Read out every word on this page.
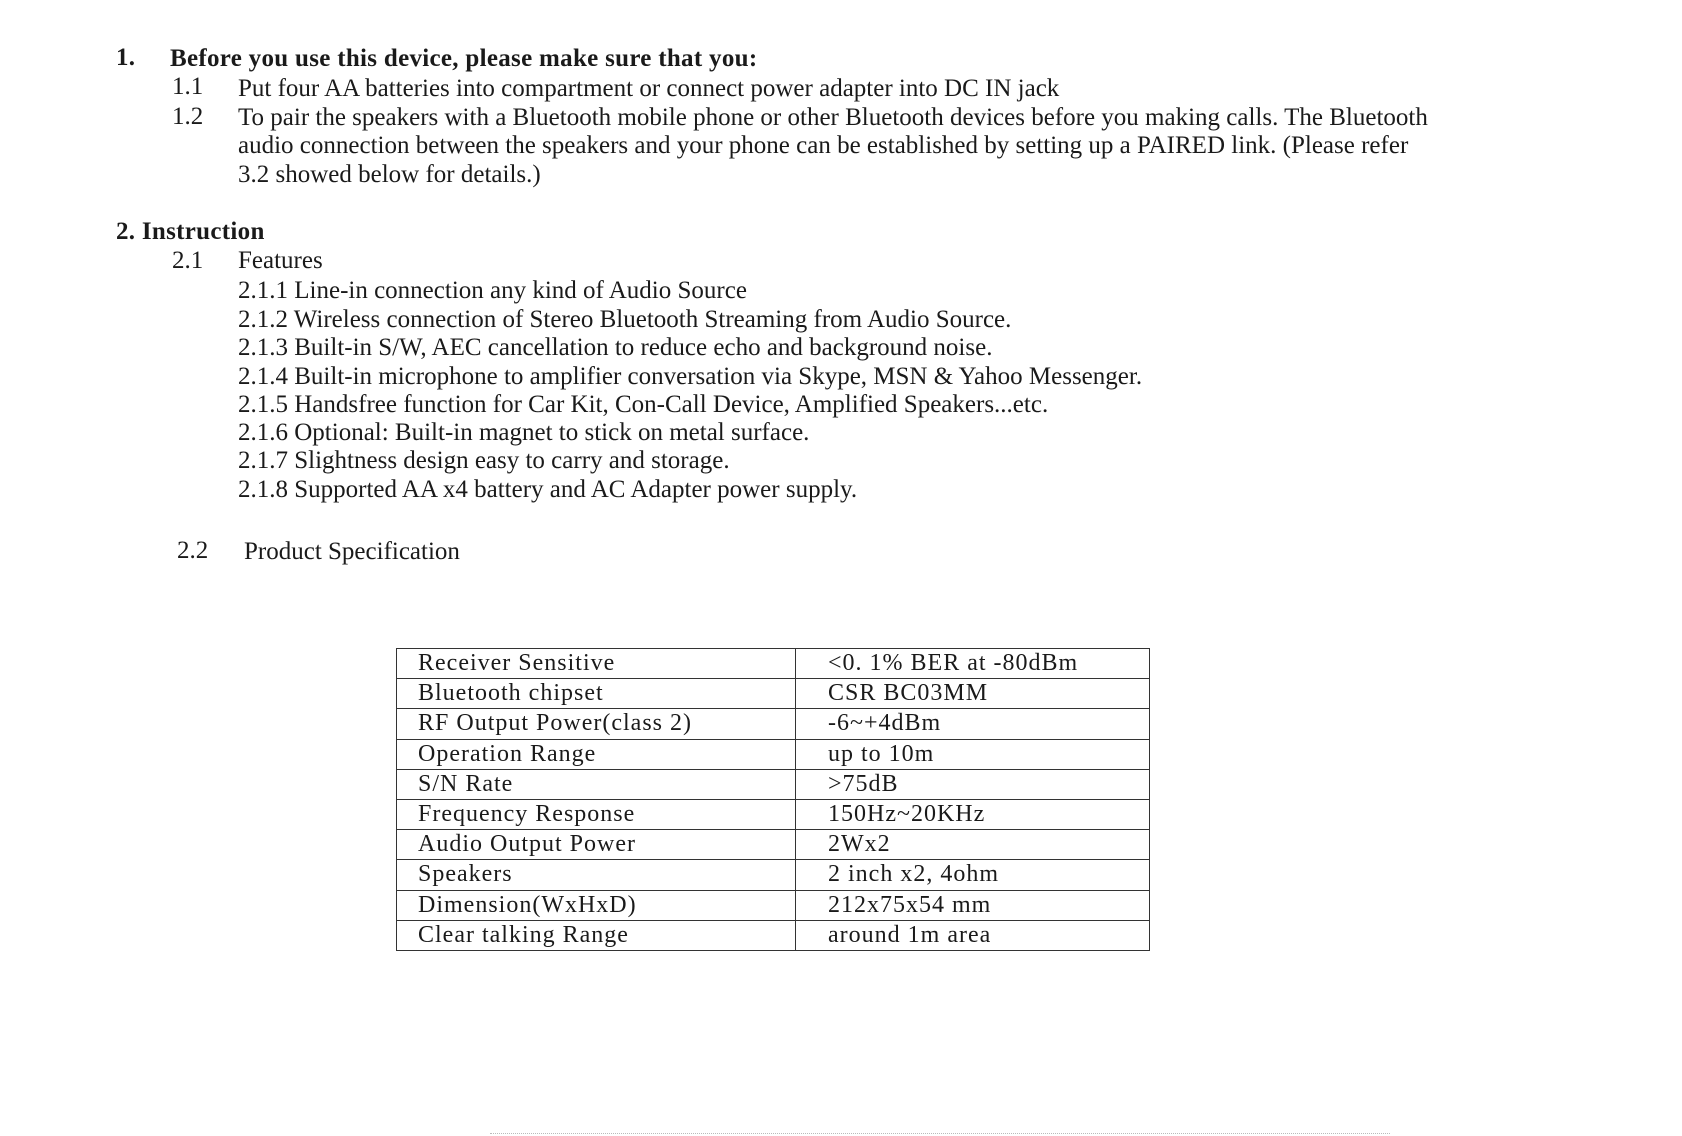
1. Before you use this device, please make sure that you:
1.1 Put four AA batteries into compartment or connect power adapter into DC IN jack
1.2 To pair the speakers with a Bluetooth mobile phone or other Bluetooth devices before you making calls. The Bluetooth
audio connection between the speakers and your phone can be established by setting up a PAIRED link. (Please refer
3.2 showed below for details.)
2. Instruction
2.1 Features
2.1.1 Line-in connection any kind of Audio Source
2.1.2 Wireless connection of Stereo Bluetooth Streaming from Audio Source.
2.1.3 Built-in S/W, AEC cancellation to reduce echo and background noise.
2.1.4 Built-in microphone to amplifier conversation via Skype, MSN & Yahoo Messenger.
2.1.5 Handsfree function for Car Kit, Con-Call Device, Amplified Speakers...etc.
2.1.6 Optional: Built-in magnet to stick on metal surface.
2.1.7 Slightness design easy to carry and storage.
2.1.8 Supported AA x4 battery and AC Adapter power supply.
2.2 Product Specification
Receiver Sensitive	<0. 1% BER at -80dBm
Bluetooth chipset	CSR BC03MM
RF Output Power(class 2)	-6~+4dBm
Operation Range	up to 10m
S/N Rate	>75dB
Frequency Response	150Hz~20KHz
Audio Output Power	2Wx2
Speakers	2 inch x2, 4ohm
Dimension(WxHxD)	212x75x54 mm
Clear talking Range	around 1m area
